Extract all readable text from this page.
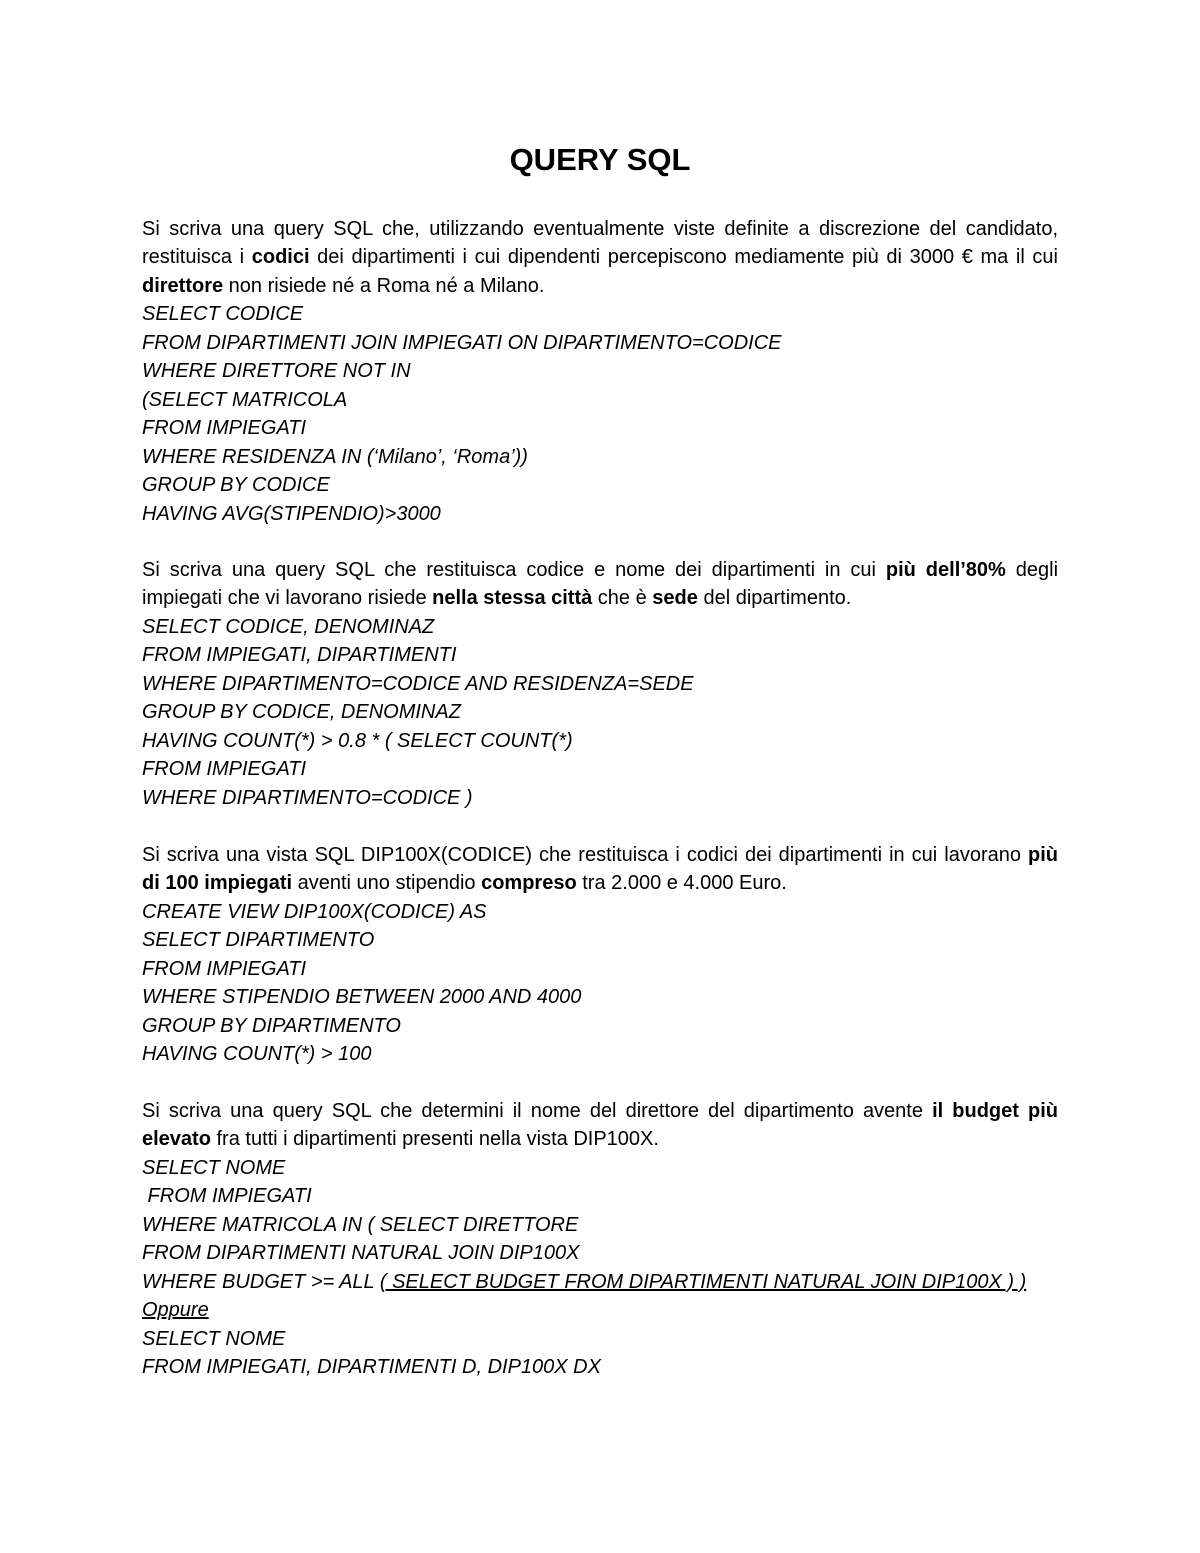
QUERY SQL

Si scriva una query SQL che, utilizzando eventualmente viste definite a discrezione del candidato, restituisca i codici dei dipartimenti i cui dipendenti percepiscono mediamente più di 3000 € ma il cui direttore non risiede né a Roma né a Milano.

SELECT CODICE

FROM DIPARTIMENTI JOIN IMPIEGATI ON DIPARTIMENTO=CODICE

WHERE DIRETTORE NOT IN

(SELECT MATRICOLA

FROM IMPIEGATI

WHERE RESIDENZA IN (‘Milano’, ‘Roma’))

GROUP BY CODICE

HAVING AVG(STIPENDIO)>3000

Si scriva una query SQL che restituisca codice e nome dei dipartimenti in cui più dell’80% degli impiegati che vi lavorano risiede nella stessa città che è sede del dipartimento.

SELECT CODICE, DENOMINAZ

FROM IMPIEGATI, DIPARTIMENTI

WHERE DIPARTIMENTO=CODICE AND RESIDENZA=SEDE

GROUP BY CODICE, DENOMINAZ

HAVING COUNT(*) > 0.8 * ( SELECT COUNT(*)

FROM IMPIEGATI

WHERE DIPARTIMENTO=CODICE )

Si scriva una vista SQL DIP100X(CODICE) che restituisca i codici dei dipartimenti in cui lavorano più di 100 impiegati aventi uno stipendio compreso tra 2.000 e 4.000 Euro.

CREATE VIEW DIP100X(CODICE) AS

SELECT DIPARTIMENTO

FROM IMPIEGATI

WHERE STIPENDIO BETWEEN 2000 AND 4000

GROUP BY DIPARTIMENTO

HAVING COUNT(*) > 100

Si scriva una query SQL che determini il nome del direttore del dipartimento avente il budget più elevato fra tutti i dipartimenti presenti nella vista DIP100X.

SELECT NOME

FROM IMPIEGATI

WHERE MATRICOLA IN ( SELECT DIRETTORE

FROM DIPARTIMENTI NATURAL JOIN DIP100X

WHERE BUDGET >= ALL ( SELECT BUDGET FROM DIPARTIMENTI NATURAL JOIN DIP100X ) )

Oppure

SELECT NOME

FROM IMPIEGATI, DIPARTIMENTI D, DIP100X DX
